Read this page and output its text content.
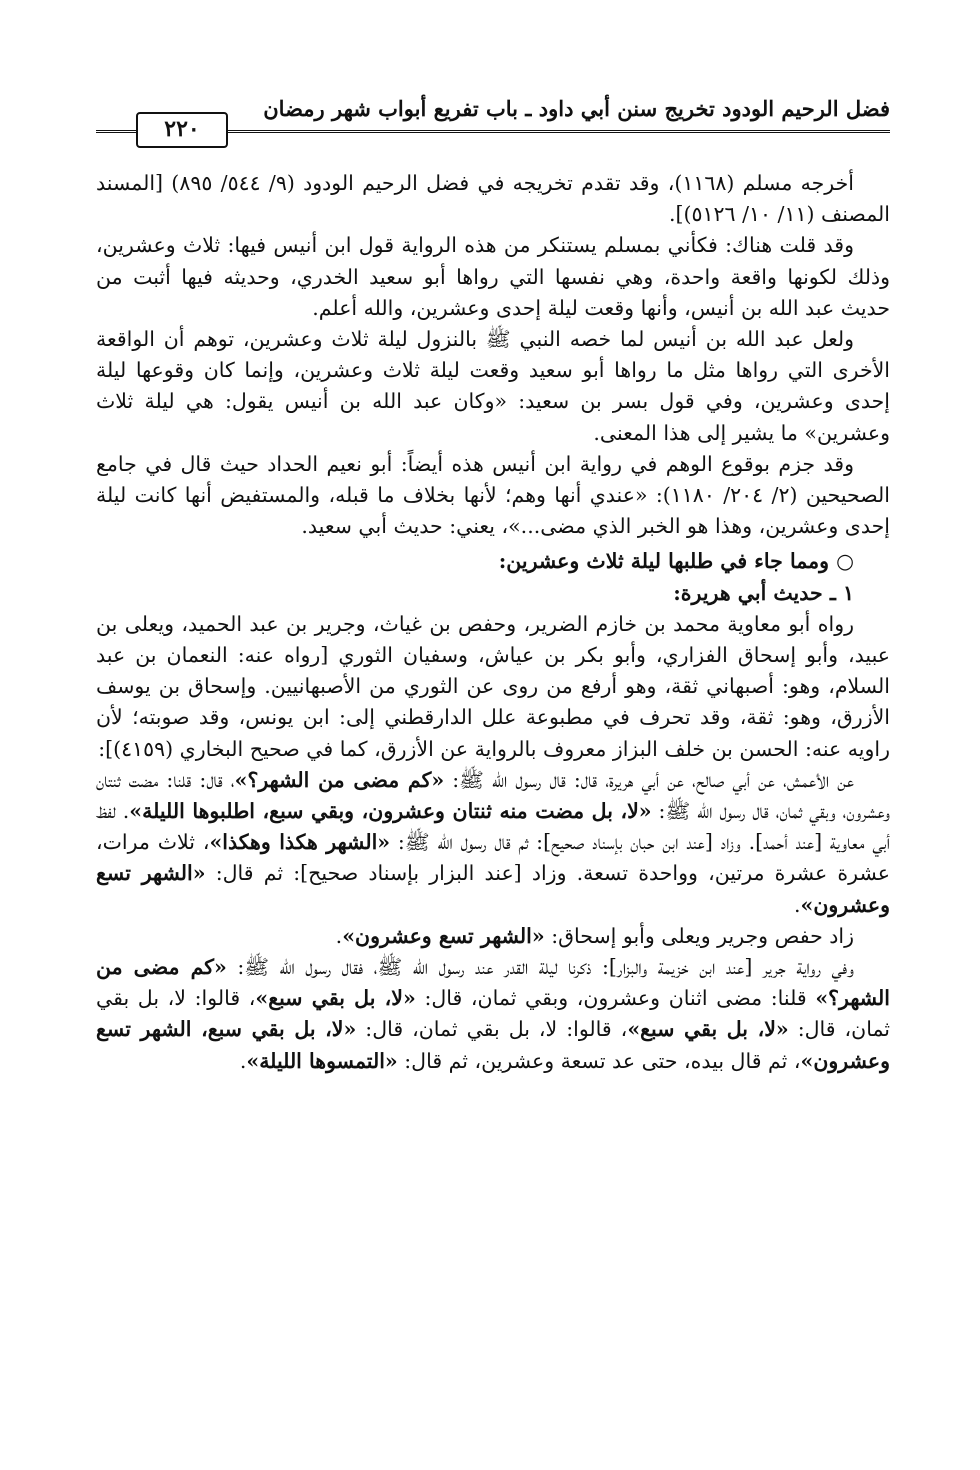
فضل الرحيم الودود تخريج سنن أبي داود ـ باب تفريع أبواب شهر رمضان
٢٢٠

أخرجه مسلم (١١٦٨)، وقد تقدم تخريجه في فضل الرحيم الودود (٩/ ٥٤٤/ ٨٩٥) [المسند المصنف (١١/ ١٠/ ٥١٢٦)].

وقد قلت هناك: فكأني بمسلم يستنكر من هذه الرواية قول ابن أنيس فيها: ثلاث وعشرين، وذلك لكونها واقعة واحدة، وهي نفسها التي رواها أبو سعيد الخدري، وحديثه فيها أثبت من حديث عبد الله بن أنيس، وأنها وقعت ليلة إحدى وعشرين، والله أعلم.

ولعل عبد الله بن أنيس لما خصه النبي ﷺ بالنزول ليلة ثلاث وعشرين، توهم أن الواقعة الأخرى التي رواها مثل ما رواها أبو سعيد وقعت ليلة ثلاث وعشرين، وإنما كان وقوعها ليلة إحدى وعشرين، وفي قول بسر بن سعيد: «وكان عبد الله بن أنيس يقول: هي ليلة ثلاث وعشرين» ما يشير إلى هذا المعنى.

وقد جزم بوقوع الوهم في رواية ابن أنيس هذه أيضاً: أبو نعيم الحداد حيث قال في جامع الصحيحين (٢/ ٢٠٤/ ١١٨٠): «عندي أنها وهم؛ لأنها بخلاف ما قبله، والمستفيض أنها كانت ليلة إحدى وعشرين، وهذا هو الخبر الذي مضى...»، يعني: حديث أبي سعيد.

○ ومما جاء في طلبها ليلة ثلاث وعشرين:

١ ـ حديث أبي هريرة:

رواه أبو معاوية محمد بن خازم الضرير، وحفص بن غياث، وجرير بن عبد الحميد، ويعلى بن عبيد، وأبو إسحاق الفزاري، وأبو بكر بن عياش، وسفيان الثوري [رواه عنه: النعمان بن عبد السلام، وهو: أصبهاني ثقة، وهو أرفع من روى عن الثوري من الأصبهانيين. وإسحاق بن يوسف الأزرق، وهو: ثقة، وقد تحرف في مطبوعة علل الدارقطني إلى: ابن يونس، وقد صوبته؛ لأن راويه عنه: الحسن بن خلف البزاز معروف بالرواية عن الأزرق، كما في صحيح البخاري (٤١٥٩)]:

عن الأعمش، عن أبي صالح، عن أبي هريرة، قال: قال رسول الله ﷺ: «كم مضى من الشهر؟»، قال: قلنا: مضت ثنتان وعشرون، وبقي ثمان، قال رسول الله ﷺ: «لا، بل مضت منه ثنتان وعشرون، وبقي سبع، اطلبوها الليلة». لفظ أبي معاوية [عند أحمد]. وزاد [عند ابن حبان بإسناد صحيح]: ثم قال رسول الله ﷺ: «الشهر هكذا وهكذا»، ثلاث مرات، عشرة عشرة مرتين، وواحدة تسعة. وزاد [عند البزار بإسناد صحيح]: ثم قال: «الشهر تسع وعشرون».

زاد حفص وجرير ويعلى وأبو إسحاق: «الشهر تسع وعشرون».

وفي رواية جرير [عند ابن خزيمة والبزار]: ذكرنا ليلة القدر عند رسول الله ﷺ، فقال رسول الله ﷺ: «كم مضى من الشهر؟» قلنا: مضى اثنان وعشرون، وبقي ثمان، قال: «لا، بل بقي سبع»، قالوا: لا، بل بقي ثمان، قال: «لا، بل بقي سبع»، قالوا: لا، بل بقي ثمان، قال: «لا، بل بقي سبع، الشهر تسع وعشرون»، ثم قال بيده، حتى عد تسعة وعشرين، ثم قال: «التمسوها الليلة».
